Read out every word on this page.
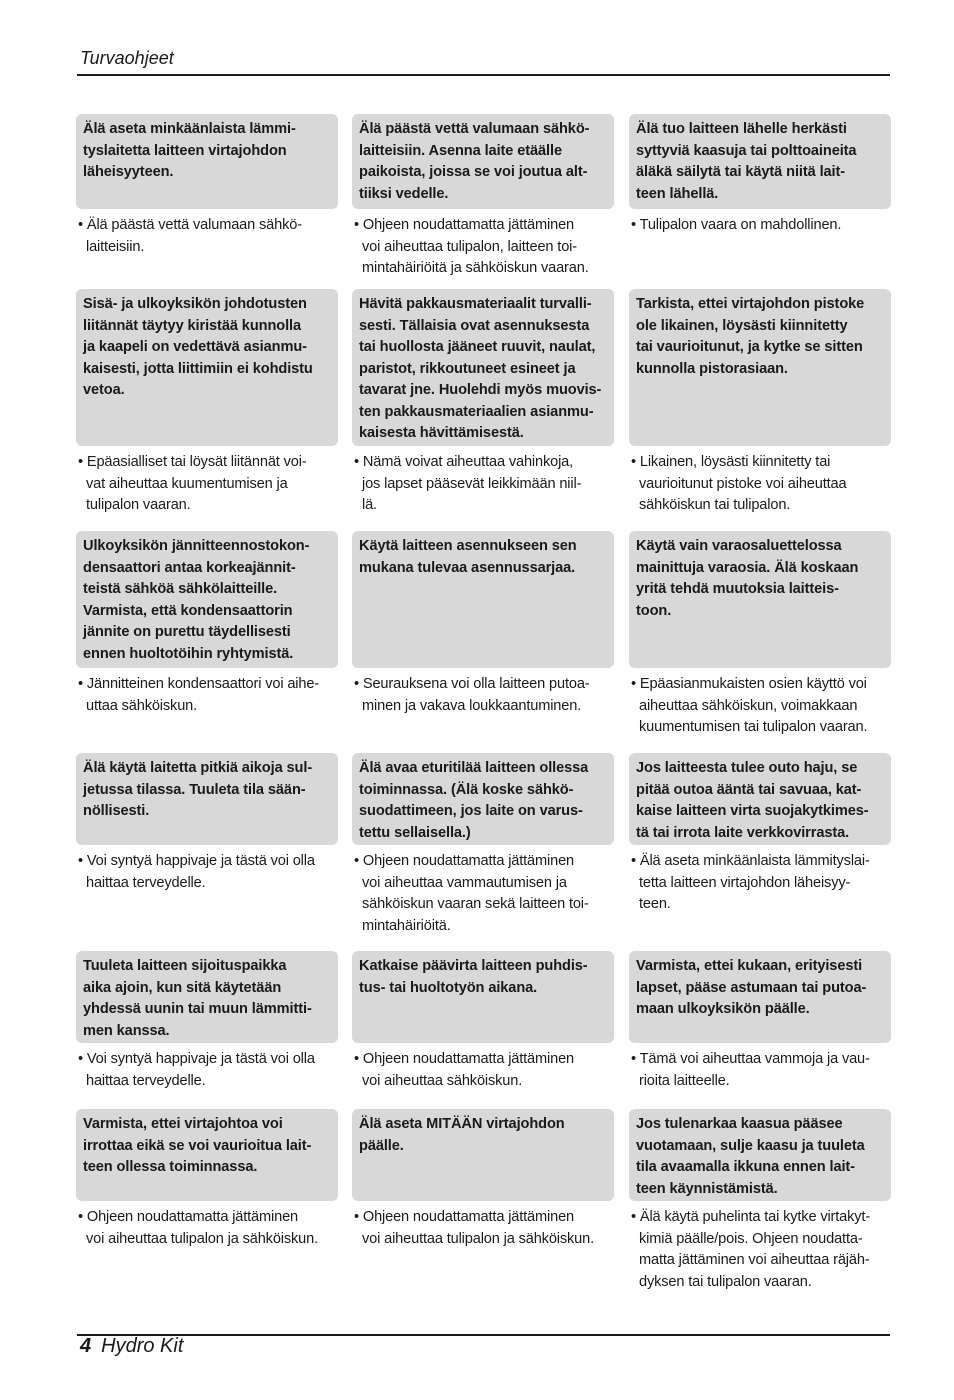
Turvaohjeet
Älä aseta minkäänlaista lämmi-
tyslaitetta laitteen virtajohdon
läheisyyteen.
• Älä päästä vettä valumaan sähkö-
laitteisiin.
Sisä- ja ulkoyksikön johdotusten
liitännät täytyy kiristää kunnolla
ja kaapeli on vedettävä asianmu-
kaisesti, jotta liittimiin ei kohdistu
vetoa.
• Epäasialliset tai löysät liitännät voi-
vat aiheuttaa kuumentumisen ja
tulipalon vaaran.
Ulkoyksikön jännitteennostokon-
densaattori antaa korkeajännit-
teistä sähköä sähkölaitteille.
Varmista, että kondensaattorin
jännite on purettu täydellisesti
ennen huoltotöihin ryhtymistä.
• Jännitteinen kondensaattori voi aihe-
uttaa sähköiskun.
Älä käytä laitetta pitkiä aikoja sul-
jetussa tilassa. Tuuleta tila sään-
nöllisesti.
• Voi syntyä happivaje ja tästä voi olla
haittaa terveydelle.
Tuuleta laitteen sijoituspaikka
aika ajoin, kun sitä käytetään
yhdessä uunin tai muun lämmitti-
men kanssa.
• Voi syntyä happivaje ja tästä voi olla
haittaa terveydelle.
Varmista, ettei virtajohtoa voi
irrottaa eikä se voi vaurioitua lait-
teen ollessa toiminnassa.
• Ohjeen noudattamatta jättäminen
voi aiheuttaa tulipalon ja sähköiskun.
Älä päästä vettä valumaan sähkö-
laitteisiin. Asenna laite etäälle
paikoista, joissa se voi joutua alt-
tiiksi vedelle.
• Ohjeen noudattamatta jättäminen
voi aiheuttaa tulipalon, laitteen toi-
mintahäiriöitä ja sähköiskun vaaran.
Hävitä pakkausmateriaalit turvalli-
sesti. Tällaisia ovat asennuksesta
tai huollosta jääneet ruuvit, naulat,
paristot, rikkoutuneet esineet ja
tavarat jne. Huolehdi myös muovis-
ten pakkausmateriaalien asianmu-
kaisesta hävittämisestä.
• Nämä voivat aiheuttaa vahinkoja,
jos lapset pääsevät leikkimään niil-
lä.
Käytä laitteen asennukseen sen
mukana tulevaa asennussarjaa.
• Seurauksena voi olla laitteen putoa-
minen ja vakava loukkaantuminen.
Älä avaa eturitilää laitteen ollessa
toiminnassa. (Älä koske sähkö-
suodattimeen, jos laite on varus-
tettu sellaisella.)
• Ohjeen noudattamatta jättäminen
voi aiheuttaa vammautumisen ja
sähköiskun vaaran sekä laitteen toi-
mintahäiriöitä.
Katkaise päävirta laitteen puhdis-
tus- tai huoltotyön aikana.
• Ohjeen noudattamatta jättäminen
voi aiheuttaa sähköiskun.
Älä aseta MITÄÄN virtajohdon
päälle.
• Ohjeen noudattamatta jättäminen
voi aiheuttaa tulipalon ja sähköiskun.
Älä tuo laitteen lähelle herkästi
syttyviä kaasuja tai polttoaineita
äläkä säilytä tai käytä niitä lait-
teen lähellä.
• Tulipalon vaara on mahdollinen.
Tarkista, ettei virtajohdon pistoke
ole likainen, löysästi kiinnitetty
tai vaurioitunut, ja kytke se sitten
kunnolla pistorasiaan.
• Likainen, löysästi kiinnitetty tai
vaurioitunut pistoke voi aiheuttaa
sähköiskun tai tulipalon.
Käytä vain varaosaluettelossa
mainittuja varaosia. Älä koskaan
yritä tehdä muutoksia laitteis-
toon.
• Epäasianmukaisten osien käyttö voi
aiheuttaa sähköiskun, voimakkaan
kuumentumisen tai tulipalon vaaran.
Jos laitteesta tulee outo haju, se
pitää outoa ääntä tai savuaa, kat-
kaise laitteen virta suojakytkimes-
tä tai irrota laite verkkovirrasta.
• Älä aseta minkäänlaista lämmityslai-
tetta laitteen virtajohdon läheisyy-
teen.
Varmista, ettei kukaan, erityisesti
lapset, pääse astumaan tai putoa-
maan ulkoyksikön päälle.
• Tämä voi aiheuttaa vammoja ja vau-
rioita laitteelle.
Jos tulenarkaa kaasua pääsee
vuotamaan, sulje kaasu ja tuuleta
tila avaamalla ikkuna ennen lait-
teen käynnistämistä.
• Älä käytä puhelinta tai kytke virtakyt-
kimiä päälle/pois. Ohjeen noudatta-
matta jättäminen voi aiheuttaa räjäh-
dyksen tai tulipalon vaaran.
4 Hydro Kit
